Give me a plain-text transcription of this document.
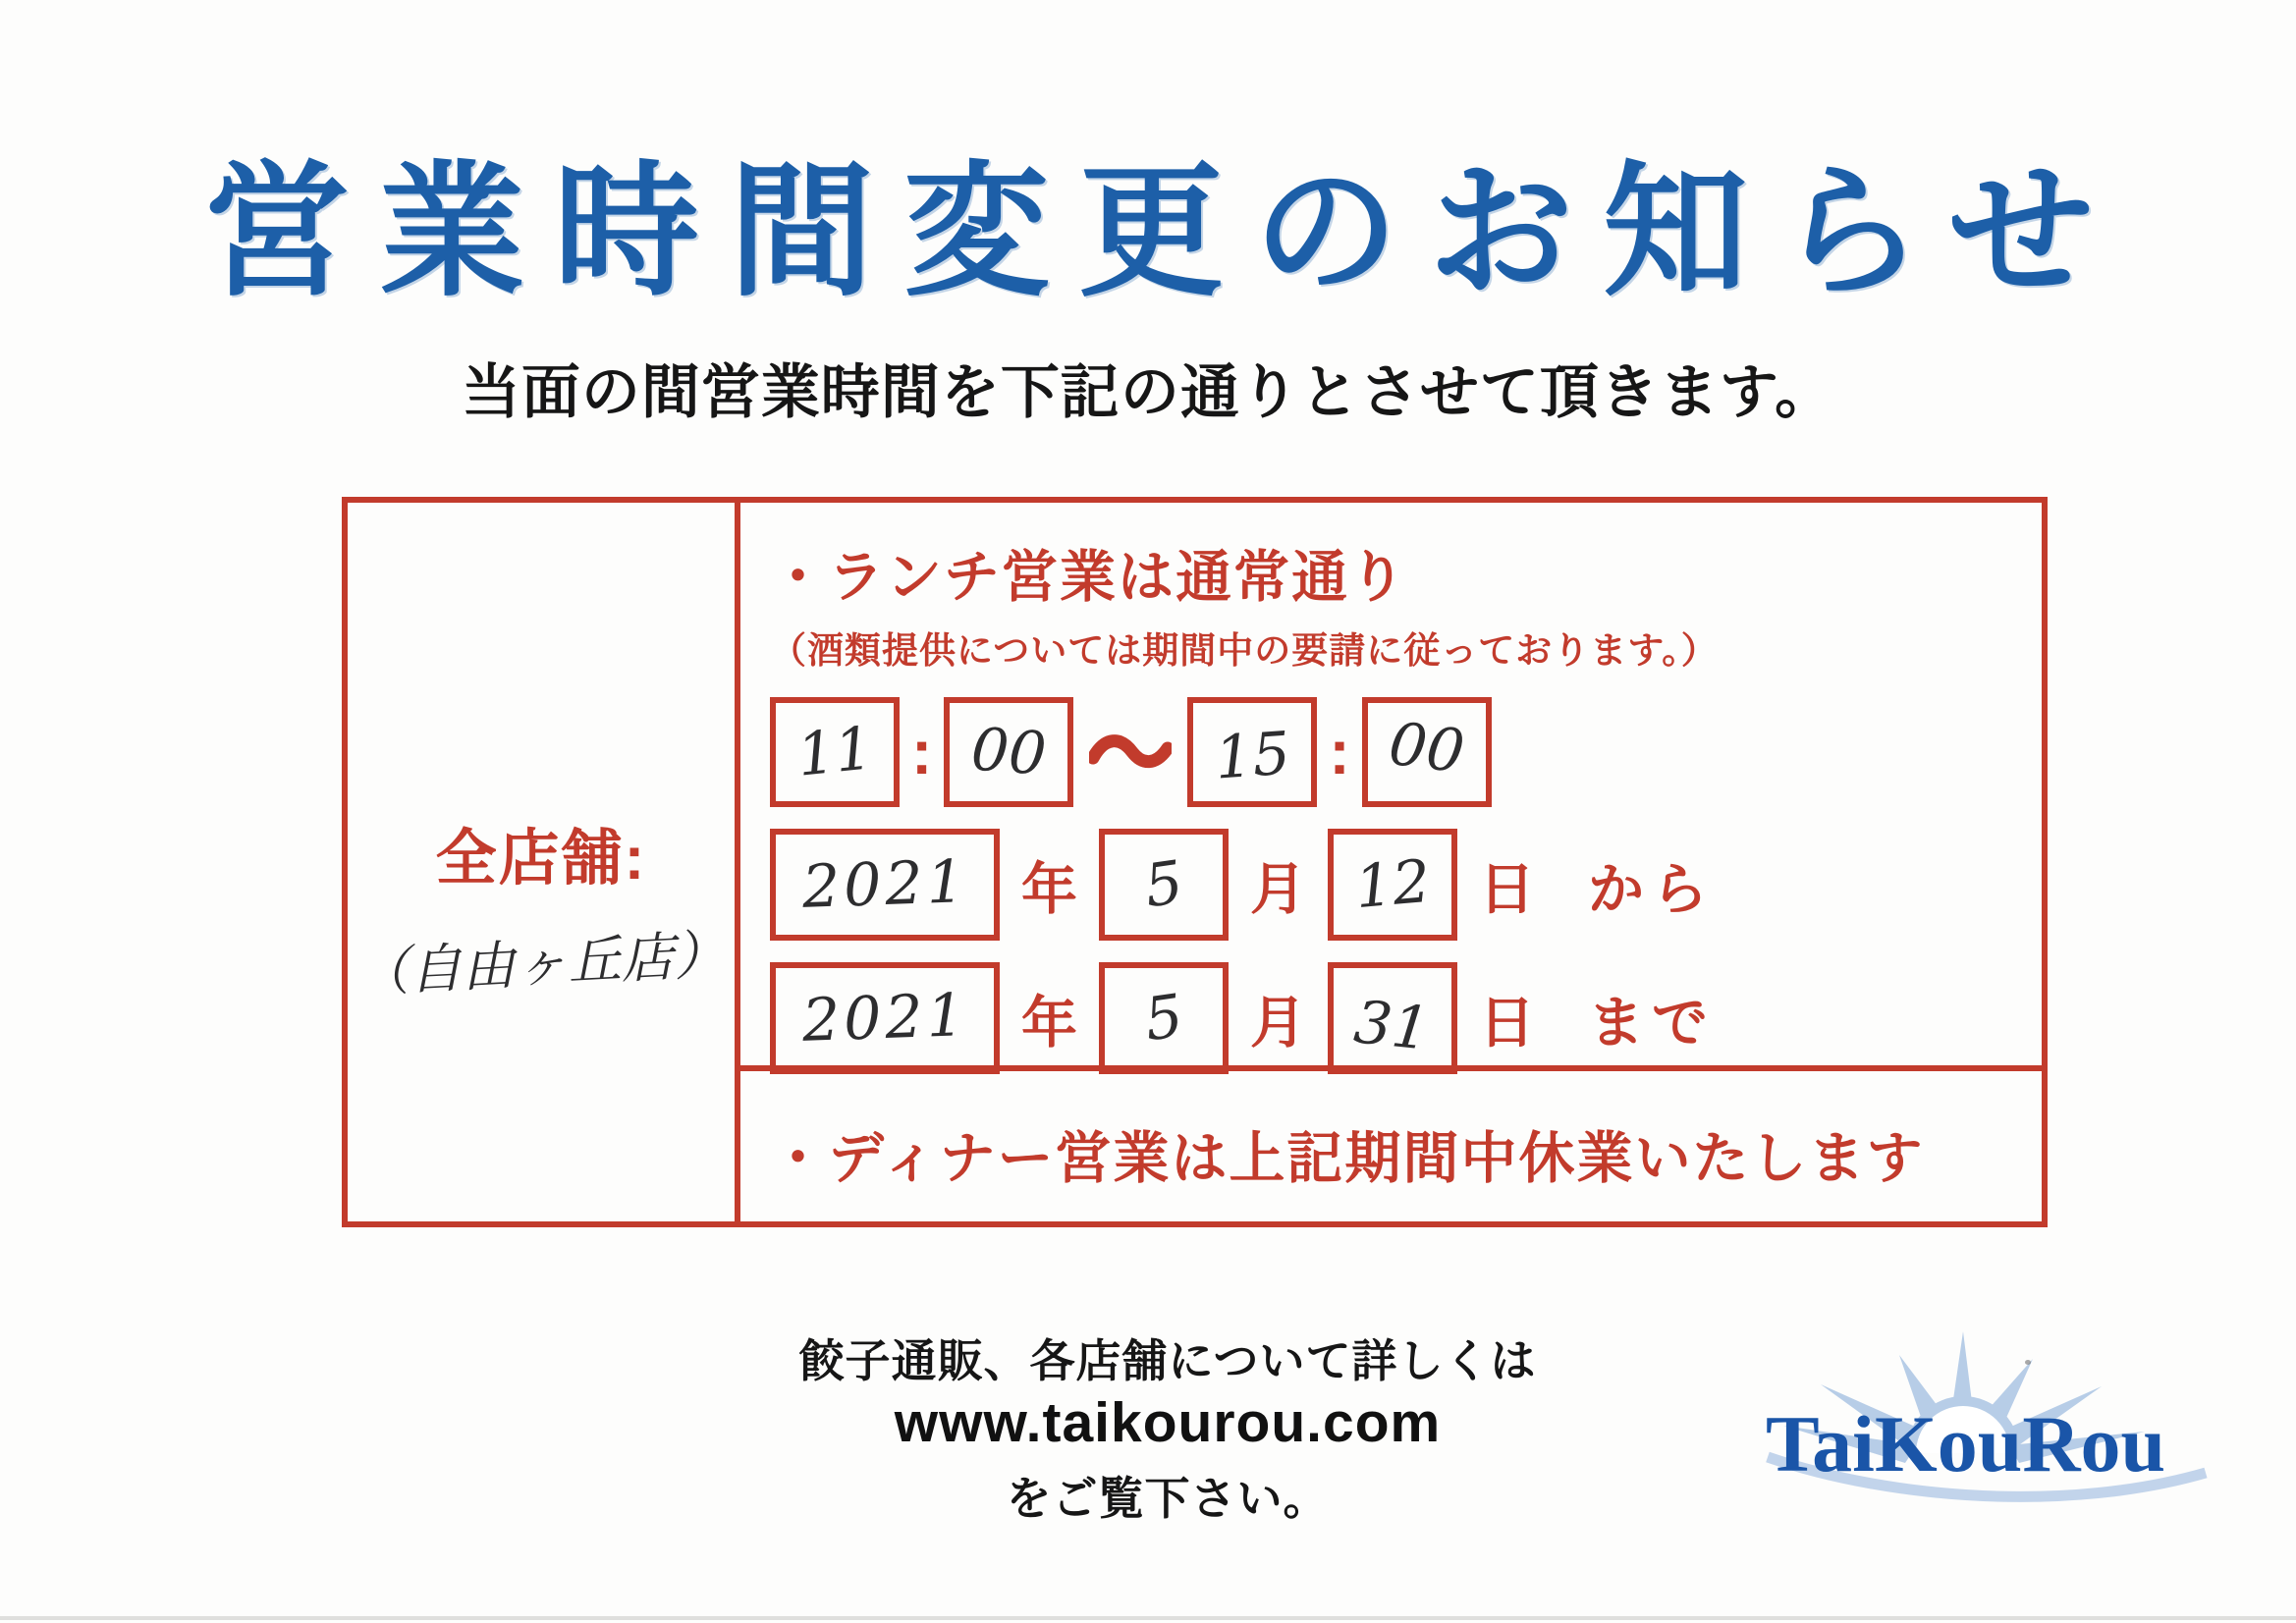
営業時間変更のお知らせ
当面の間営業時間を下記の通りとさせて頂きます。
全店舗:
（自由ヶ丘店）
・ランチ営業は通常通り
（酒類提供については期間中の要請に従っております。）
11 : 00	15 : 00
2021 年 5 月 12 日 から
2021 年 5 月 31 日 まで
・ディナー営業は上記期間中休業いたします
餃子通販、各店舗について詳しくは
www.taikourou.com
をご覧下さい。
TaiKouRou
